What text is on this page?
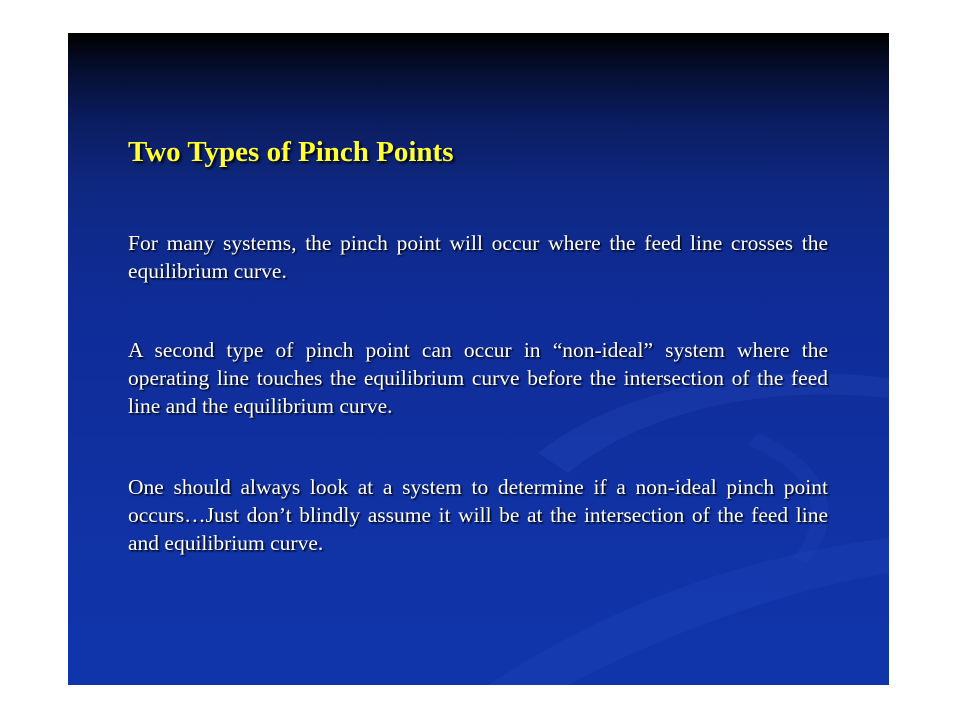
Two Types of Pinch Points

For many systems, the pinch point will occur where the feed line crosses the equilibrium curve.

A second type of pinch point can occur in “non-ideal” system where the operating line touches the equilibrium curve before the intersection of the feed line and the equilibrium curve.

One should always look at a system to determine if a non-ideal pinch point occurs…Just don’t blindly assume it will be at the intersection of the feed line and equilibrium curve.
